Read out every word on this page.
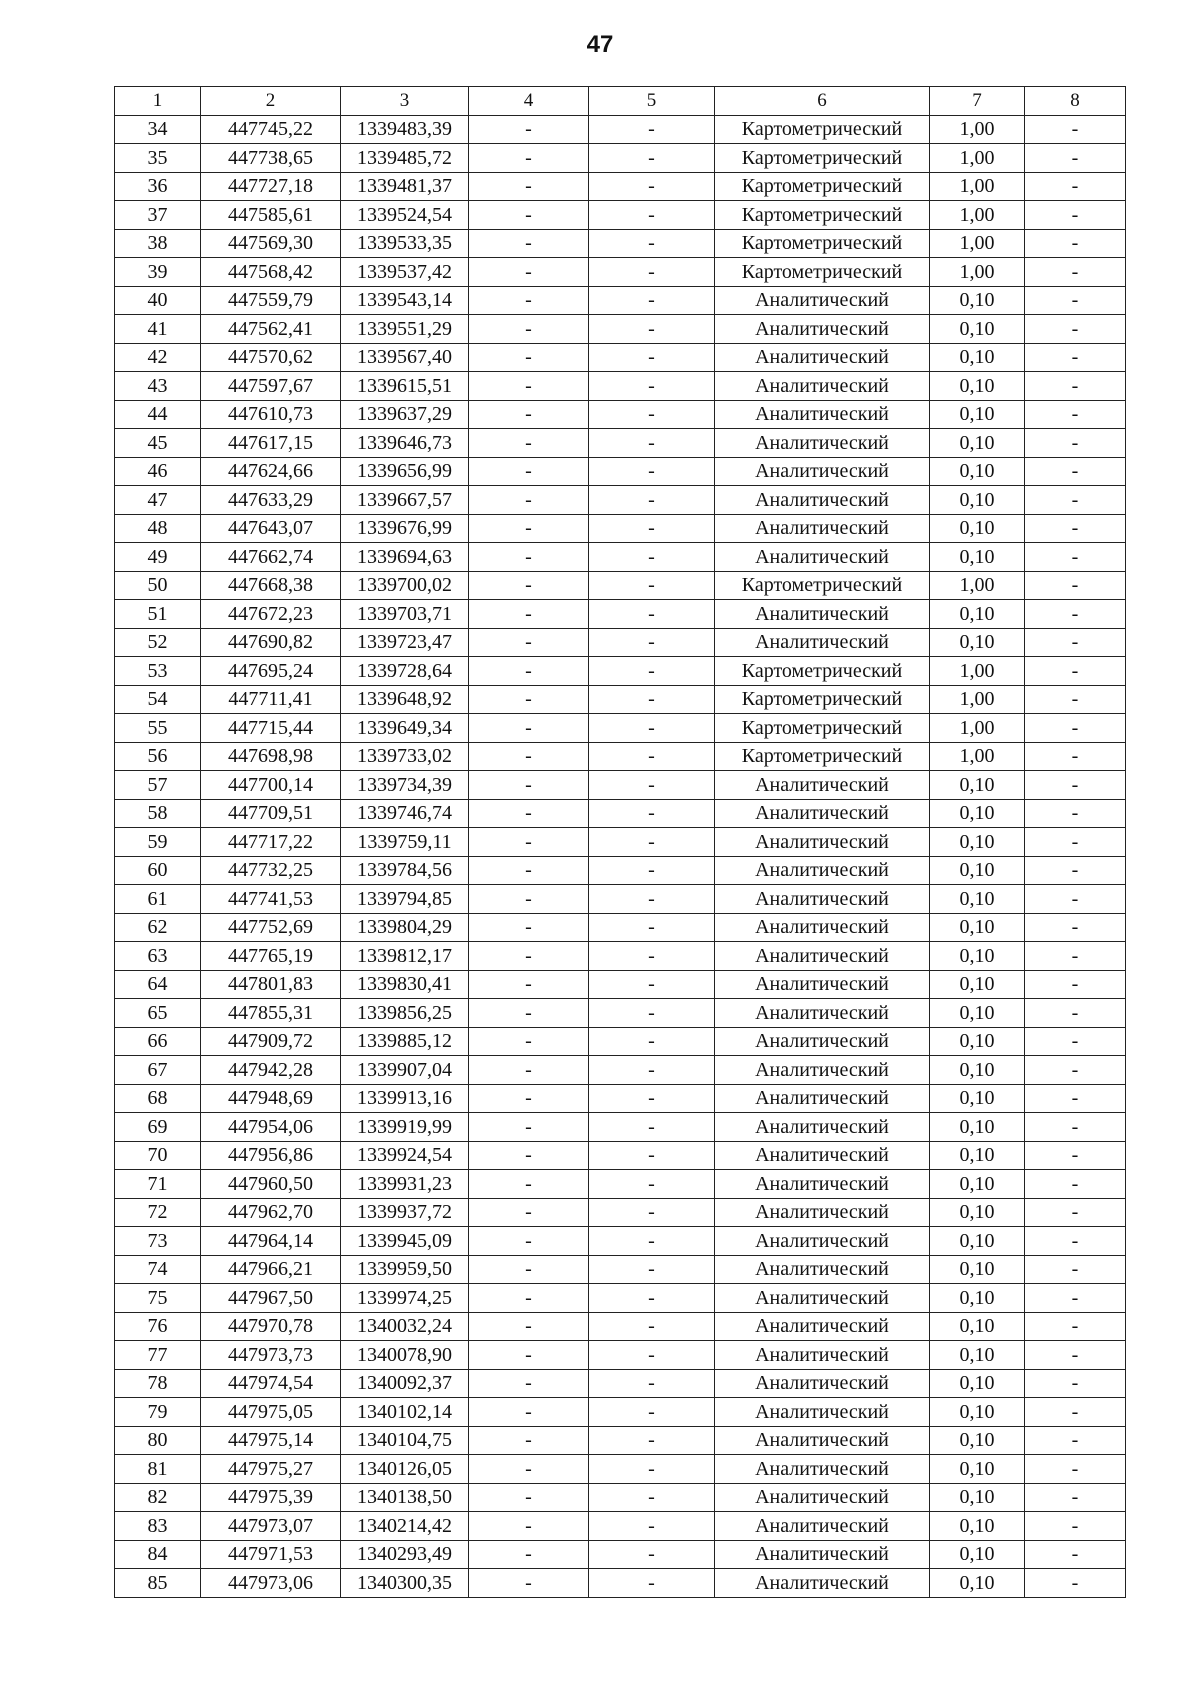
47
1	2	3	4	5	6	7	8
34	447745,22	1339483,39	-	-	Картометрический	1,00	-
35	447738,65	1339485,72	-	-	Картометрический	1,00	-
36	447727,18	1339481,37	-	-	Картометрический	1,00	-
37	447585,61	1339524,54	-	-	Картометрический	1,00	-
38	447569,30	1339533,35	-	-	Картометрический	1,00	-
39	447568,42	1339537,42	-	-	Картометрический	1,00	-
40	447559,79	1339543,14	-	-	Аналитический	0,10	-
41	447562,41	1339551,29	-	-	Аналитический	0,10	-
42	447570,62	1339567,40	-	-	Аналитический	0,10	-
43	447597,67	1339615,51	-	-	Аналитический	0,10	-
44	447610,73	1339637,29	-	-	Аналитический	0,10	-
45	447617,15	1339646,73	-	-	Аналитический	0,10	-
46	447624,66	1339656,99	-	-	Аналитический	0,10	-
47	447633,29	1339667,57	-	-	Аналитический	0,10	-
48	447643,07	1339676,99	-	-	Аналитический	0,10	-
49	447662,74	1339694,63	-	-	Аналитический	0,10	-
50	447668,38	1339700,02	-	-	Картометрический	1,00	-
51	447672,23	1339703,71	-	-	Аналитический	0,10	-
52	447690,82	1339723,47	-	-	Аналитический	0,10	-
53	447695,24	1339728,64	-	-	Картометрический	1,00	-
54	447711,41	1339648,92	-	-	Картометрический	1,00	-
55	447715,44	1339649,34	-	-	Картометрический	1,00	-
56	447698,98	1339733,02	-	-	Картометрический	1,00	-
57	447700,14	1339734,39	-	-	Аналитический	0,10	-
58	447709,51	1339746,74	-	-	Аналитический	0,10	-
59	447717,22	1339759,11	-	-	Аналитический	0,10	-
60	447732,25	1339784,56	-	-	Аналитический	0,10	-
61	447741,53	1339794,85	-	-	Аналитический	0,10	-
62	447752,69	1339804,29	-	-	Аналитический	0,10	-
63	447765,19	1339812,17	-	-	Аналитический	0,10	-
64	447801,83	1339830,41	-	-	Аналитический	0,10	-
65	447855,31	1339856,25	-	-	Аналитический	0,10	-
66	447909,72	1339885,12	-	-	Аналитический	0,10	-
67	447942,28	1339907,04	-	-	Аналитический	0,10	-
68	447948,69	1339913,16	-	-	Аналитический	0,10	-
69	447954,06	1339919,99	-	-	Аналитический	0,10	-
70	447956,86	1339924,54	-	-	Аналитический	0,10	-
71	447960,50	1339931,23	-	-	Аналитический	0,10	-
72	447962,70	1339937,72	-	-	Аналитический	0,10	-
73	447964,14	1339945,09	-	-	Аналитический	0,10	-
74	447966,21	1339959,50	-	-	Аналитический	0,10	-
75	447967,50	1339974,25	-	-	Аналитический	0,10	-
76	447970,78	1340032,24	-	-	Аналитический	0,10	-
77	447973,73	1340078,90	-	-	Аналитический	0,10	-
78	447974,54	1340092,37	-	-	Аналитический	0,10	-
79	447975,05	1340102,14	-	-	Аналитический	0,10	-
80	447975,14	1340104,75	-	-	Аналитический	0,10	-
81	447975,27	1340126,05	-	-	Аналитический	0,10	-
82	447975,39	1340138,50	-	-	Аналитический	0,10	-
83	447973,07	1340214,42	-	-	Аналитический	0,10	-
84	447971,53	1340293,49	-	-	Аналитический	0,10	-
85	447973,06	1340300,35	-	-	Аналитический	0,10	-
